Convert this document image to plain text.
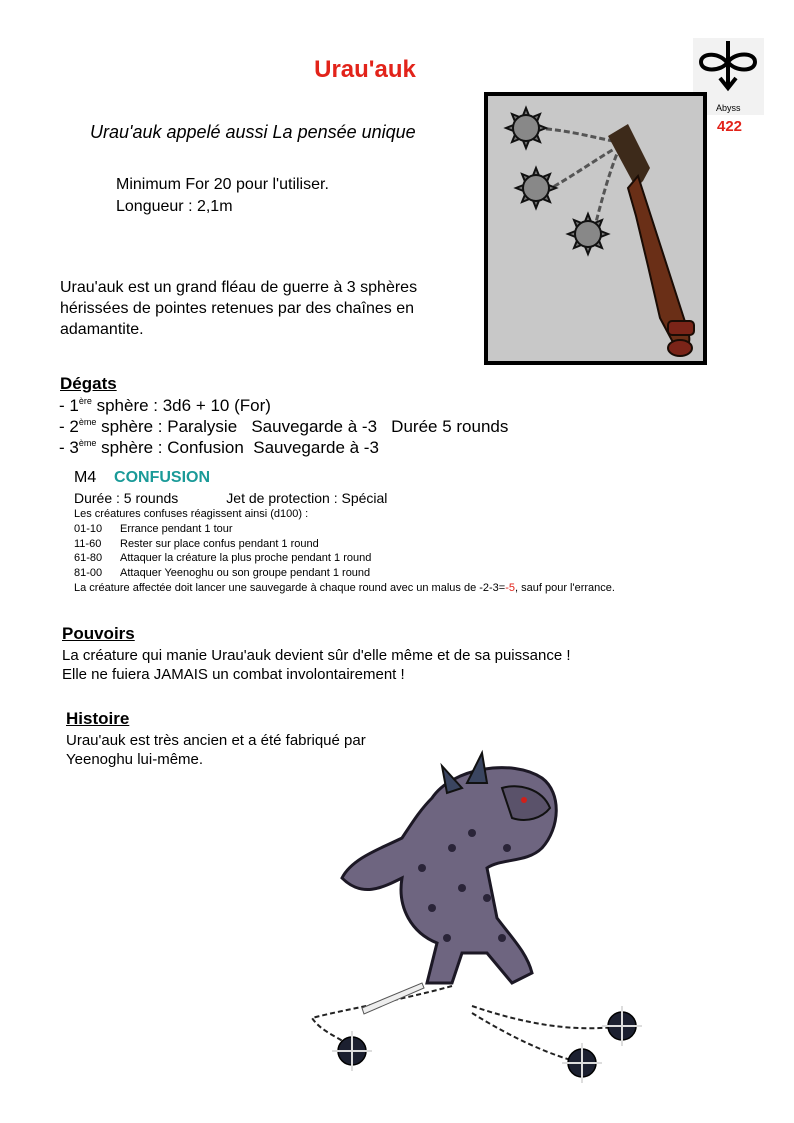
Urau'auk
Abyss
422
Urau'auk appelé aussi La pensée unique
Minimum For 20 pour l'utiliser.
Longueur : 2,1m
Urau'auk est un grand fléau de guerre à 3 sphères hérissées de pointes retenues par des chaînes en adamantite.
Dégats
- 1ère sphère : 3d6 + 10 (For)
- 2ème sphère : Paralysie   Sauvegarde à -3   Durée 5 rounds
- 3ème sphère : Confusion  Sauvegarde à -3
M4 CONFUSION
Durée : 5 rounds	Jet de protection : Spécial
Les créatures confuses réagissent ainsi (d100) :
01-10 Errance pendant 1 tour
11-60 Rester sur place confus pendant 1 round
61-80 Attaquer la créature la plus proche pendant 1 round
81-00 Attaquer Yeenoghu ou son groupe pendant 1 round
La créature affectée doit lancer une sauvegarde à chaque round avec un malus de -2-3=-5, sauf pour l'errance.
Pouvoirs
La créature qui manie Urau'auk devient sûr d'elle même et de sa puissance !
Elle ne fuiera JAMAIS un combat involontairement !
Histoire
Urau'auk est très ancien et a été fabriqué par
Yeenoghu lui-même.
